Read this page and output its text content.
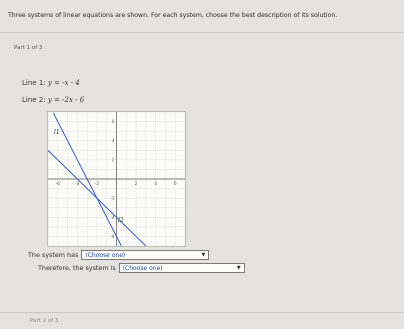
Three systems of linear equations are shown. For each system, choose the best description of its solution.
Part 1 of 3
Line 1: y = -x - 4
Line 2: y = -2x - 6
-6	-4	-2	2	4	6
6
4
2
-2
-4
-6
l1
l2
The system has (Choose one)	▼
Therefore, the system is (Choose one)	▼
Part 2 of 3
